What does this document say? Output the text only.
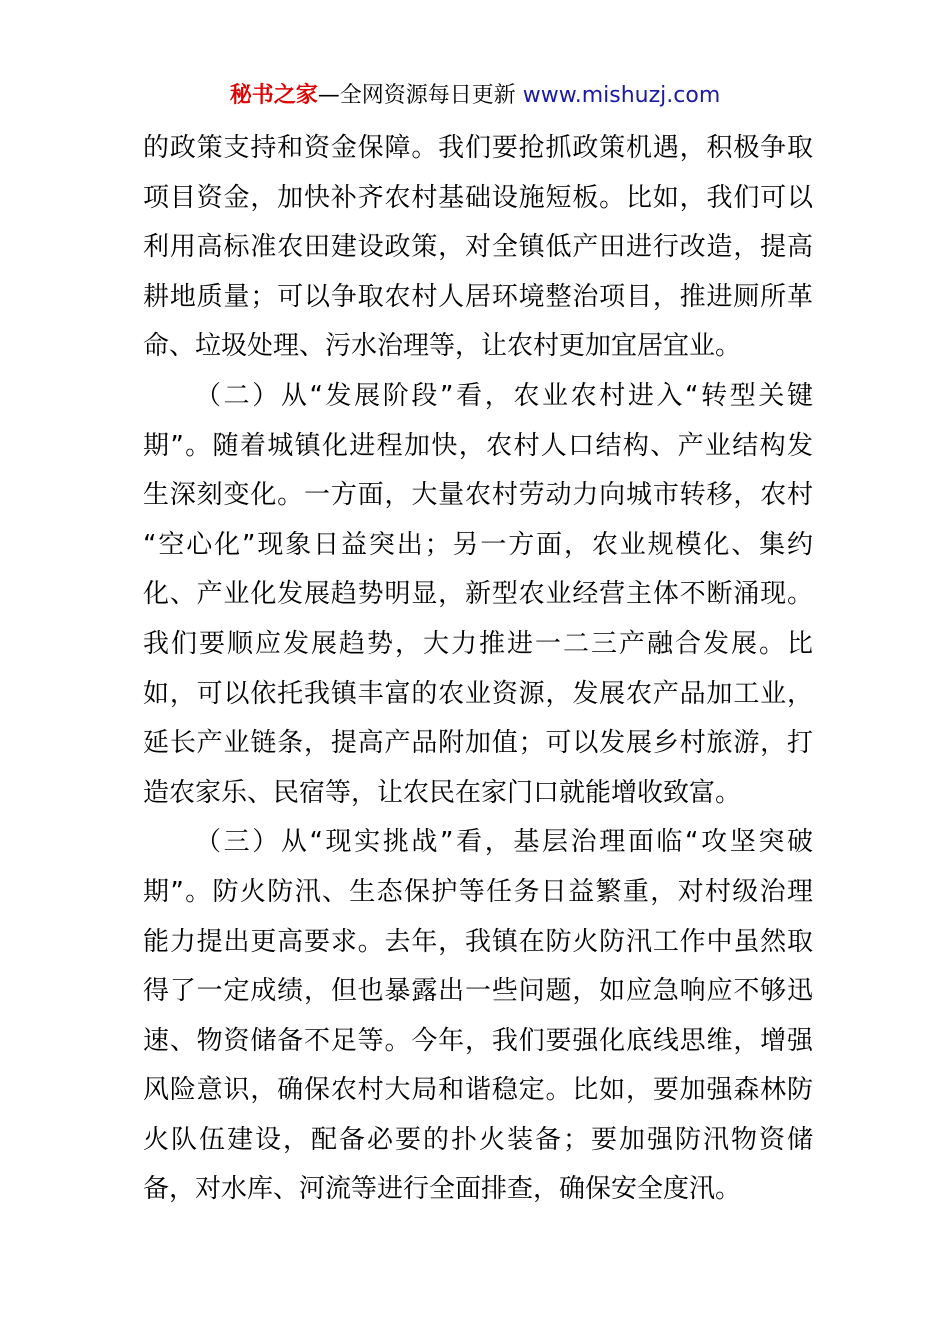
秘书之家—全网资源每日更新 www.mishuzj.com
的政策支持和资金保障。我们要抢抓政策机遇，积极争取
项目资金，加快补齐农村基础设施短板。比如，我们可以
利用高标准农田建设政策，对全镇低产田进行改造，提高
耕地质量；可以争取农村人居环境整治项目，推进厕所革
命、垃圾处理、污水治理等，让农村更加宜居宜业。
（二）从“发展阶段”看，农业农村进入“转型关键
期”。随着城镇化进程加快，农村人口结构、产业结构发
生深刻变化。一方面，大量农村劳动力向城市转移，农村
“空心化”现象日益突出；另一方面，农业规模化、集约
化、产业化发展趋势明显，新型农业经营主体不断涌现。
我们要顺应发展趋势，大力推进一二三产融合发展。比
如，可以依托我镇丰富的农业资源，发展农产品加工业，
延长产业链条，提高产品附加值；可以发展乡村旅游，打
造农家乐、民宿等，让农民在家门口就能增收致富。
（三）从“现实挑战”看，基层治理面临“攻坚突破
期”。防火防汛、生态保护等任务日益繁重，对村级治理
能力提出更高要求。去年，我镇在防火防汛工作中虽然取
得了一定成绩，但也暴露出一些问题，如应急响应不够迅
速、物资储备不足等。今年，我们要强化底线思维，增强
风险意识，确保农村大局和谐稳定。比如，要加强森林防
火队伍建设，配备必要的扑火装备；要加强防汛物资储
备，对水库、河流等进行全面排查，确保安全度汛。
